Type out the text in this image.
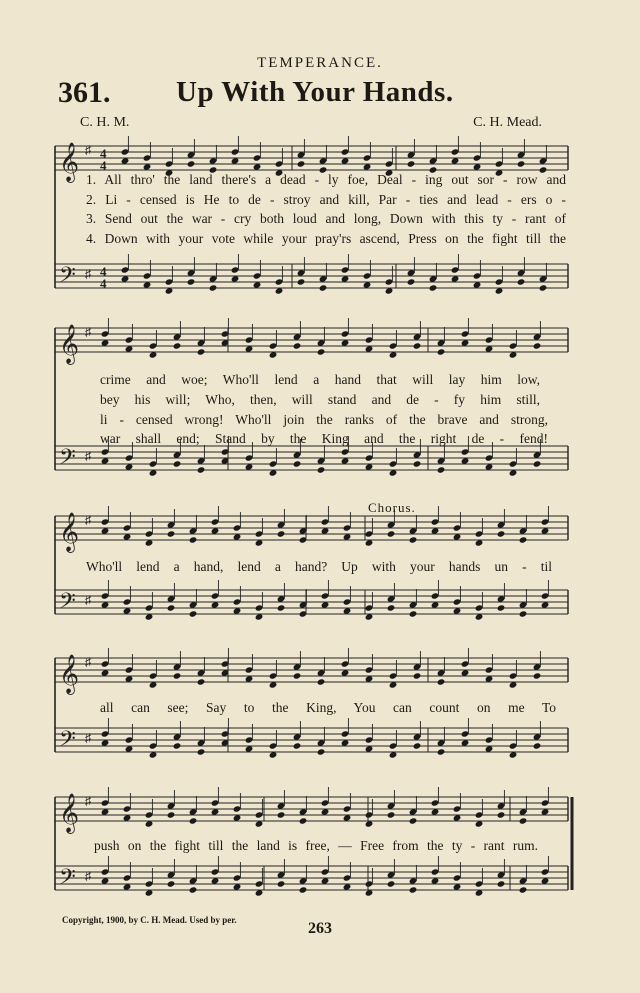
TEMPERANCE.
361. Up With Your Hands.
C. H. M.	C. H. Mead.
𝄞 ♯
𝄢 ♯
𝄞 ♯
𝄢 ♯
𝄞 ♯
𝄢 ♯
𝄞 ♯
𝄢 ♯
𝄞 ♯
𝄢 ♯
4
4
4
4
1. All thro' the land there's a dead - ly foe, Deal - ing out sor - row and
2. Li - censed is He to de - stroy and kill, Par - ties and lead - ers o -
3. Send out the war - cry both loud and long, Down with this ty - rant of
4. Down with your vote while your pray'rs ascend, Press on the fight till the
crime and woe; Who'll lend a hand that will lay him low,
bey his will; Who, then, will stand and de - fy him still,
li - censed wrong! Who'll join the ranks of the brave and strong,
war shall end; Stand by the King and the right de - fend!
Chorus.
Who'll lend a hand, lend a hand? Up with your hands un - til
all can see; Say to the King, You can count on me To
push on the fight till the land is free, — Free from the ty - rant rum.
Copyright, 1900, by C. H. Mead. Used by per.	263
